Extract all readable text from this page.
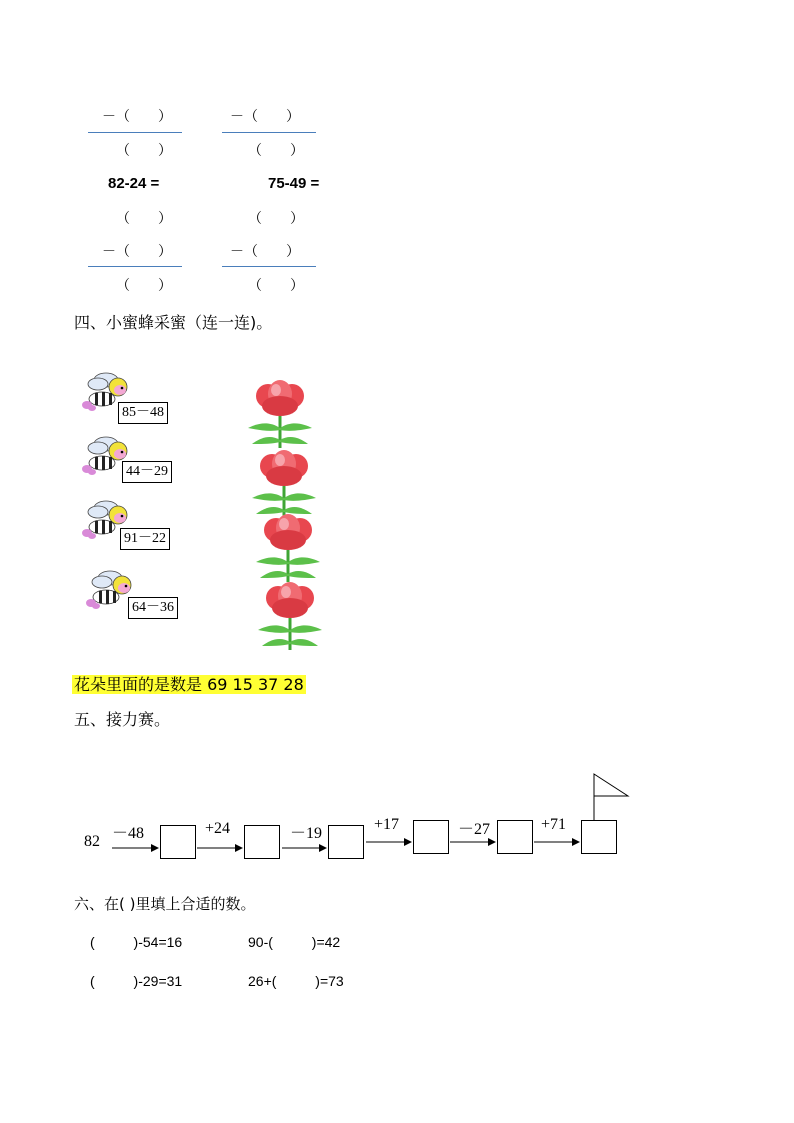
－（　　）
（　　）
82-24 =
（　　）
－（　　）
（　　）
－（　　）
（　　）
75-49 =
（　　）
－（　　）
（　　）
四、小蜜蜂采蜜（连一连)。
85－48
44－29
91－22
64－36
花朵里面的是数是 69 15 37 28
五、接力赛。
82 －48	+24	－19
+17	－27	+71
六、在( )里填上合适的数。
(          )-54=16	90-(          )=42
(          )-29=31	26+(          )=73
